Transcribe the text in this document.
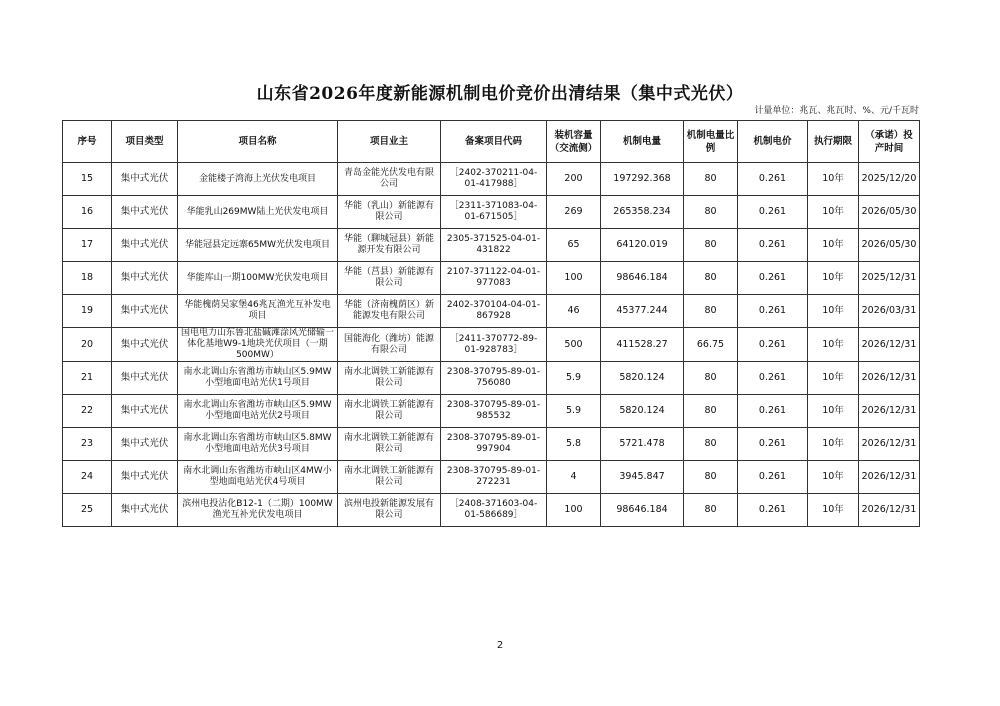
山东省2026年度新能源机制电价竞价出清结果（集中式光伏）
计量单位：兆瓦、兆瓦时、%、元/千瓦时
序号	项目类型	项目名称	项目业主	备案项目代码	装机容量（交流侧）	机制电量	机制电量比例	机制电价	执行期限	（承诺）投产时间
15	集中式光伏	金能楼子湾海上光伏发电项目	青岛金能光伏发电有限公司	［2402-370211-04-01-417988］	200	197292.368	80	0.261	10年	2025/12/20
16	集中式光伏	华能乳山269MW陆上光伏发电项目	华能（乳山）新能源有限公司	［2311-371083-04-01-671505］	269	265358.234	80	0.261	10年	2026/05/30
17	集中式光伏	华能冠县定远寨65MW光伏发电项目	华能（聊城冠县）新能源开发有限公司	2305-371525-04-01-431822	65	64120.019	80	0.261	10年	2026/05/30
18	集中式光伏	华能库山一期100MW光伏发电项目	华能（莒县）新能源有限公司	2107-371122-04-01-977083	100	98646.184	80	0.261	10年	2025/12/31
19	集中式光伏	华能槐荫吴家堡46兆瓦渔光互补发电项目	华能（济南槐荫区）新能源发电有限公司	2402-370104-04-01-867928	46	45377.244	80	0.261	10年	2026/03/31
20	集中式光伏	国电电力山东鲁北盐碱滩涂风光储输一体化基地W9-1地块光伏项目（一期500MW）	国能海化（潍坊）能源有限公司	［2411-370772-89-01-928783］	500	411528.27	66.75	0.261	10年	2026/12/31
21	集中式光伏	南水北调山东省潍坊市峡山区5.9MW小型地面电站光伏1号项目	南水北调铁工新能源有限公司	2308-370795-89-01-756080	5.9	5820.124	80	0.261	10年	2026/12/31
22	集中式光伏	南水北调山东省潍坊市峡山区5.9MW小型地面电站光伏2号项目	南水北调铁工新能源有限公司	2308-370795-89-01-985532	5.9	5820.124	80	0.261	10年	2026/12/31
23	集中式光伏	南水北调山东省潍坊市峡山区5.8MW小型地面电站光伏3号项目	南水北调铁工新能源有限公司	2308-370795-89-01-997904	5.8	5721.478	80	0.261	10年	2026/12/31
24	集中式光伏	南水北调山东省潍坊市峡山区4MW小型地面电站光伏4号项目	南水北调铁工新能源有限公司	2308-370795-89-01-272231	4	3945.847	80	0.261	10年	2026/12/31
25	集中式光伏	滨州电投沾化B12-1（二期）100MW渔光互补光伏发电项目	滨州电投新能源发展有限公司	［2408-371603-04-01-586689］	100	98646.184	80	0.261	10年	2026/12/31
2
